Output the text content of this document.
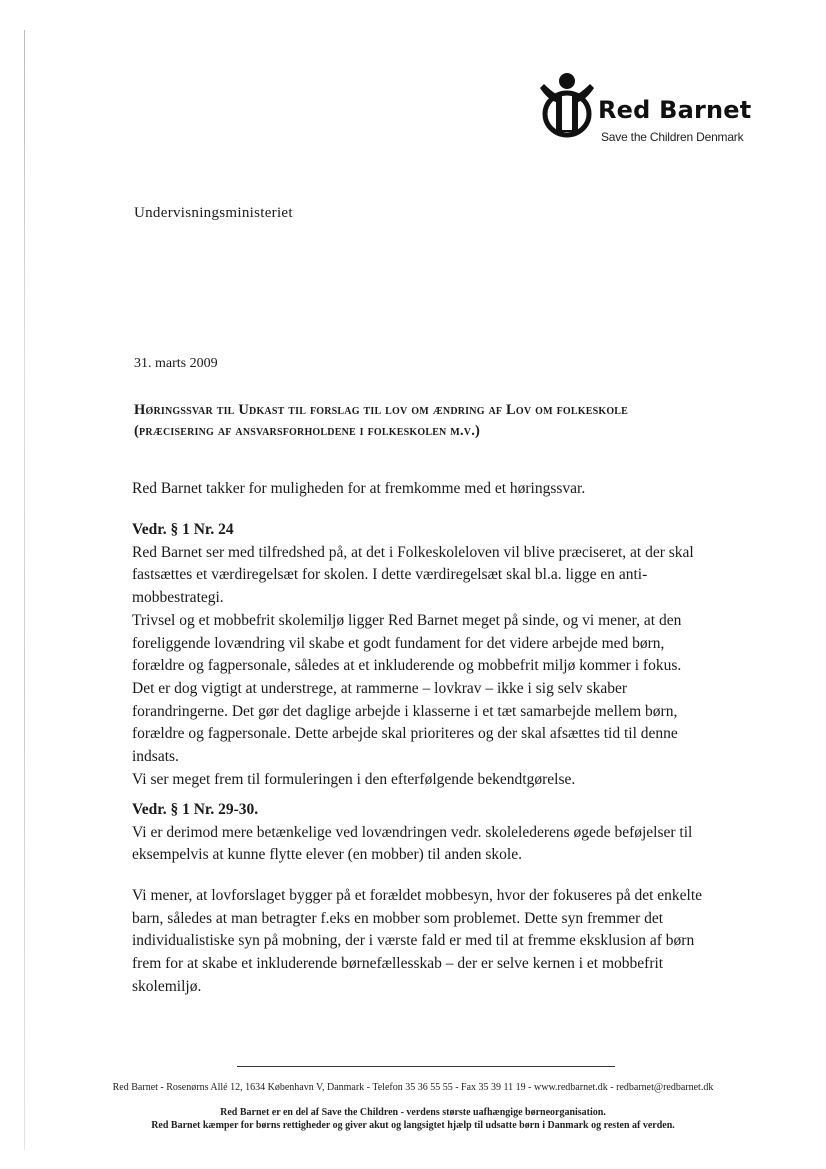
Red Barnet
Save the Children Denmark
Undervisningsministeriet
31. marts 2009
Høringssvar til Udkast til forslag til lov om ændring af Lov om folkeskole
(præcisering af ansvarsforholdene i folkeskolen m.v.)

Red Barnet takker for muligheden for at fremkomme med et høringssvar.

Vedr. § 1 Nr. 24

Red Barnet ser med tilfredshed på, at det i Folkeskoleloven vil blive præciseret, at der skal

fastsættes et værdiregelsæt for skolen. I dette værdiregelsæt skal bl.a. ligge en anti-

mobbestrategi.

Trivsel og et mobbefrit skolemiljø ligger Red Barnet meget på sinde, og vi mener, at den

foreliggende lovændring vil skabe et godt fundament for det videre arbejde med børn,

forældre og fagpersonale, således at et inkluderende og mobbefrit miljø kommer i fokus.

Det er dog vigtigt at understrege, at rammerne – lovkrav – ikke i sig selv skaber

forandringerne. Det gør det daglige arbejde i klasserne i et tæt samarbejde mellem børn,

forældre og fagpersonale. Dette arbejde skal prioriteres og der skal afsættes tid til denne

indsats.

Vi ser meget frem til formuleringen i den efterfølgende bekendtgørelse.

Vedr. § 1 Nr. 29-30.

Vi er derimod mere betænkelige ved lovændringen vedr. skolelederens øgede beføjelser til

eksempelvis at kunne flytte elever (en mobber) til anden skole.

Vi mener, at lovforslaget bygger på et forældet mobbesyn, hvor der fokuseres på det enkelte

barn, således at man betragter f.eks en mobber som problemet. Dette syn fremmer det

individualistiske syn på mobning, der i værste fald er med til at fremme eksklusion af børn

frem for at skabe et inkluderende børnefællesskab – der er selve kernen i et mobbefrit

skolemiljø.

Red Barnet - Rosenørns Allé 12, 1634 København V, Danmark - Telefon 35 36 55 55 - Fax 35 39 11 19 - www.redbarnet.dk - redbarnet@redbarnet.dk
Red Barnet er en del af Save the Children - verdens største uafhængige børneorganisation.
Red Barnet kæmper for børns rettigheder og giver akut og langsigtet hjælp til udsatte børn i Danmark og resten af verden.
